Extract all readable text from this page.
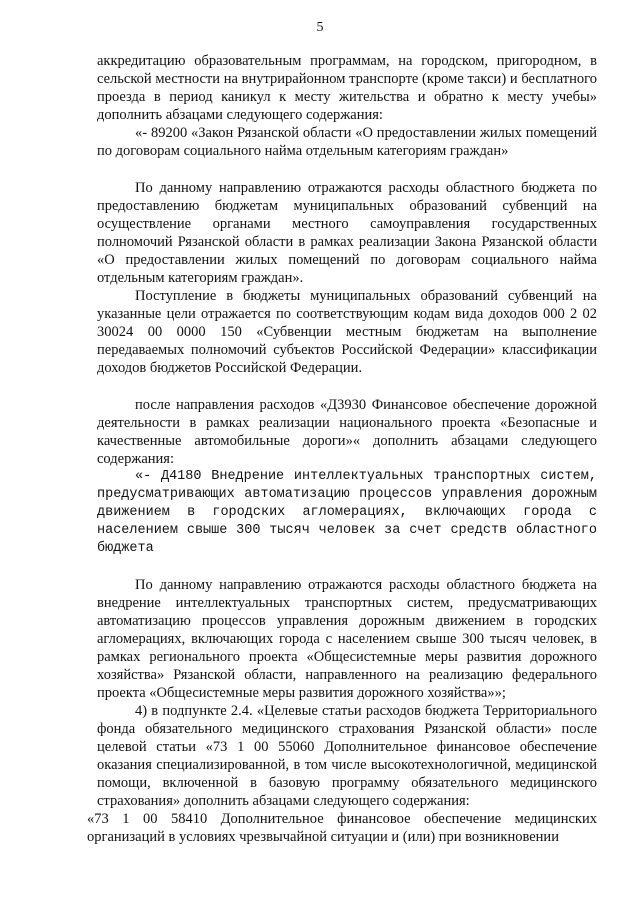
5

аккредитацию образовательным программам, на городском, пригородном, в сельской местности на внутрирайонном транспорте (кроме такси) и бесплатного проезда в период каникул к месту жительства и обратно к месту учебы» дополнить абзацами следующего содержания:

«- 89200 «Закон Рязанской области «О предоставлении жилых помещений по договорам социального найма отдельным категориям граждан»

По данному направлению отражаются расходы областного бюджета по предоставлению бюджетам муниципальных образований субвенций на осуществление органами местного самоуправления государственных полномочий Рязанской области в рамках реализации Закона Рязанской области «О предоставлении жилых помещений по договорам социального найма отдельным категориям граждан».

Поступление в бюджеты муниципальных образований субвенций на указанные цели отражается по соответствующим кодам вида доходов 000 2 02 30024 00 0000 150 «Субвенции местным бюджетам на выполнение передаваемых полномочий субъектов Российской Федерации» классификации доходов бюджетов Российской Федерации.

после направления расходов «Д3930 Финансовое обеспечение дорожной деятельности в рамках реализации национального проекта «Безопасные и качественные автомобильные дороги»« дополнить абзацами следующего содержания:

«- Д4180 Внедрение интеллектуальных транспортных систем, предусматривающих автоматизацию процессов управления дорожным движением в городских агломерациях, включающих города с населением свыше 300 тысяч человек за счет средств областного бюджета

По данному направлению отражаются расходы областного бюджета на внедрение интеллектуальных транспортных систем, предусматривающих автоматизацию процессов управления дорожным движением в городских агломерациях, включающих города с населением свыше 300 тысяч человек, в рамках регионального проекта «Общесистемные меры развития дорожного хозяйства» Рязанской области, направленного на реализацию федерального проекта «Общесистемные меры развития дорожного хозяйства»»;

4) в подпункте 2.4. «Целевые статьи расходов бюджета Территориального фонда обязательного медицинского страхования Рязанской области» после целевой статьи «73 1 00 55060 Дополнительное финансовое обеспечение оказания специализированной, в том числе высокотехнологичной, медицинской помощи, включенной в базовую программу обязательного медицинского страхования» дополнить абзацами следующего содержания:

«73 1 00 58410 Дополнительное финансовое обеспечение медицинских организаций в условиях чрезвычайной ситуации и (или) при возникновении
